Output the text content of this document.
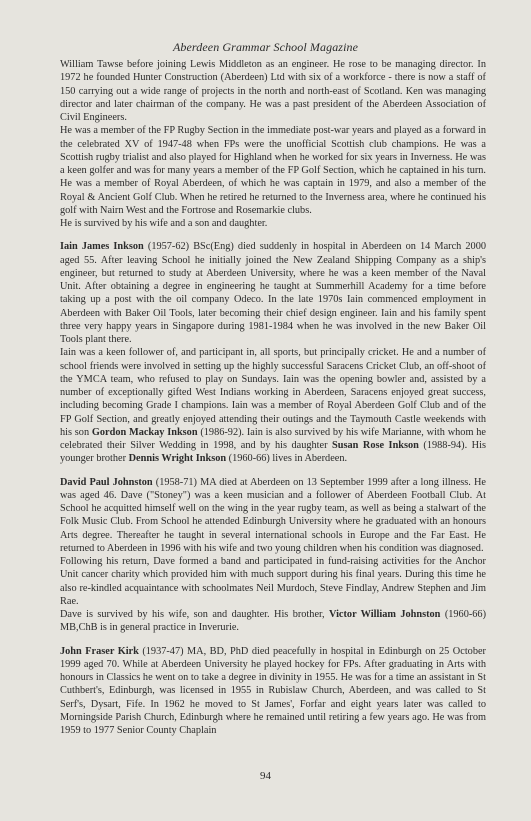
Aberdeen Grammar School Magazine

William Tawse before joining Lewis Middleton as an engineer. He rose to be managing director. In 1972 he founded Hunter Construction (Aberdeen) Ltd with six of a workforce - there is now a staff of 150 carrying out a wide range of projects in the north and north-east of Scotland. Ken was managing director and later chairman of the company. He was a past president of the Aberdeen Association of Civil Engineers.

He was a member of the FP Rugby Section in the immediate post-war years and played as a forward in the celebrated XV of 1947-48 when FPs were the unofficial Scottish club champions. He was a Scottish rugby trialist and also played for Highland when he worked for six years in Inverness. He was a keen golfer and was for many years a member of the FP Golf Section, which he captained in his turn. He was a member of Royal Aberdeen, of which he was captain in 1979, and also a member of the Royal & Ancient Golf Club. When he retired he returned to the Inverness area, where he continued his golf with Nairn West and the Fortrose and Rosemarkie clubs.

He is survived by his wife and a son and daughter.

Iain James Inkson (1957-62) BSc(Eng) died suddenly in hospital in Aberdeen on 14 March 2000 aged 55. After leaving School he initially joined the New Zealand Shipping Company as a ship's engineer, but returned to study at Aberdeen University, where he was a keen member of the Naval Unit. After obtaining a degree in engineering he taught at Summerhill Academy for a time before taking up a post with the oil company Odeco. In the late 1970s Iain commenced employment in Aberdeen with Baker Oil Tools, later becoming their chief design engineer. Iain and his family spent three very happy years in Singapore during 1981-1984 when he was involved in the new Baker Oil Tools plant there.

Iain was a keen follower of, and participant in, all sports, but principally cricket. He and a number of school friends were involved in setting up the highly successful Saracens Cricket Club, an off-shoot of the YMCA team, who refused to play on Sundays. Iain was the opening bowler and, assisted by a number of exceptionally gifted West Indians working in Aberdeen, Saracens enjoyed great success, including becoming Grade I champions. Iain was a member of Royal Aberdeen Golf Club and of the FP Golf Section, and greatly enjoyed attending their outings and the Taymouth Castle weekends with his son Gordon Mackay Inkson (1986-92). Iain is also survived by his wife Marianne, with whom he celebrated their Silver Wedding in 1998, and by his daughter Susan Rose Inkson (1988-94). His younger brother Dennis Wright Inkson (1960-66) lives in Aberdeen.

David Paul Johnston (1958-71) MA died at Aberdeen on 13 September 1999 after a long illness. He was aged 46. Dave ("Stoney") was a keen musician and a follower of Aberdeen Football Club. At School he acquitted himself well on the wing in the year rugby team, as well as being a stalwart of the Folk Music Club. From School he attended Edinburgh University where he graduated with an honours Arts degree. Thereafter he taught in several international schools in Europe and the Far East. He returned to Aberdeen in 1996 with his wife and two young children when his condition was diagnosed.

Following his return, Dave formed a band and participated in fund-raising activities for the Anchor Unit cancer charity which provided him with much support during his final years. During this time he also re-kindled acquaintance with schoolmates Neil Murdoch, Steve Findlay, Andrew Stephen and Jim Rae.

Dave is survived by his wife, son and daughter. His brother, Victor William Johnston (1960-66) MB,ChB is in general practice in Inverurie.

John Fraser Kirk (1937-47) MA, BD, PhD died peacefully in hospital in Edinburgh on 25 October 1999 aged 70. While at Aberdeen University he played hockey for FPs. After graduating in Arts with honours in Classics he went on to take a degree in divinity in 1955. He was for a time an assistant in St Cuthbert's, Edinburgh, was licensed in 1955 in Rubislaw Church, Aberdeen, and was called to St Serf's, Dysart, Fife. In 1962 he moved to St James', Forfar and eight years later was called to Morningside Parish Church, Edinburgh where he remained until retiring a few years ago. He was from 1959 to 1977 Senior County Chaplain

94
